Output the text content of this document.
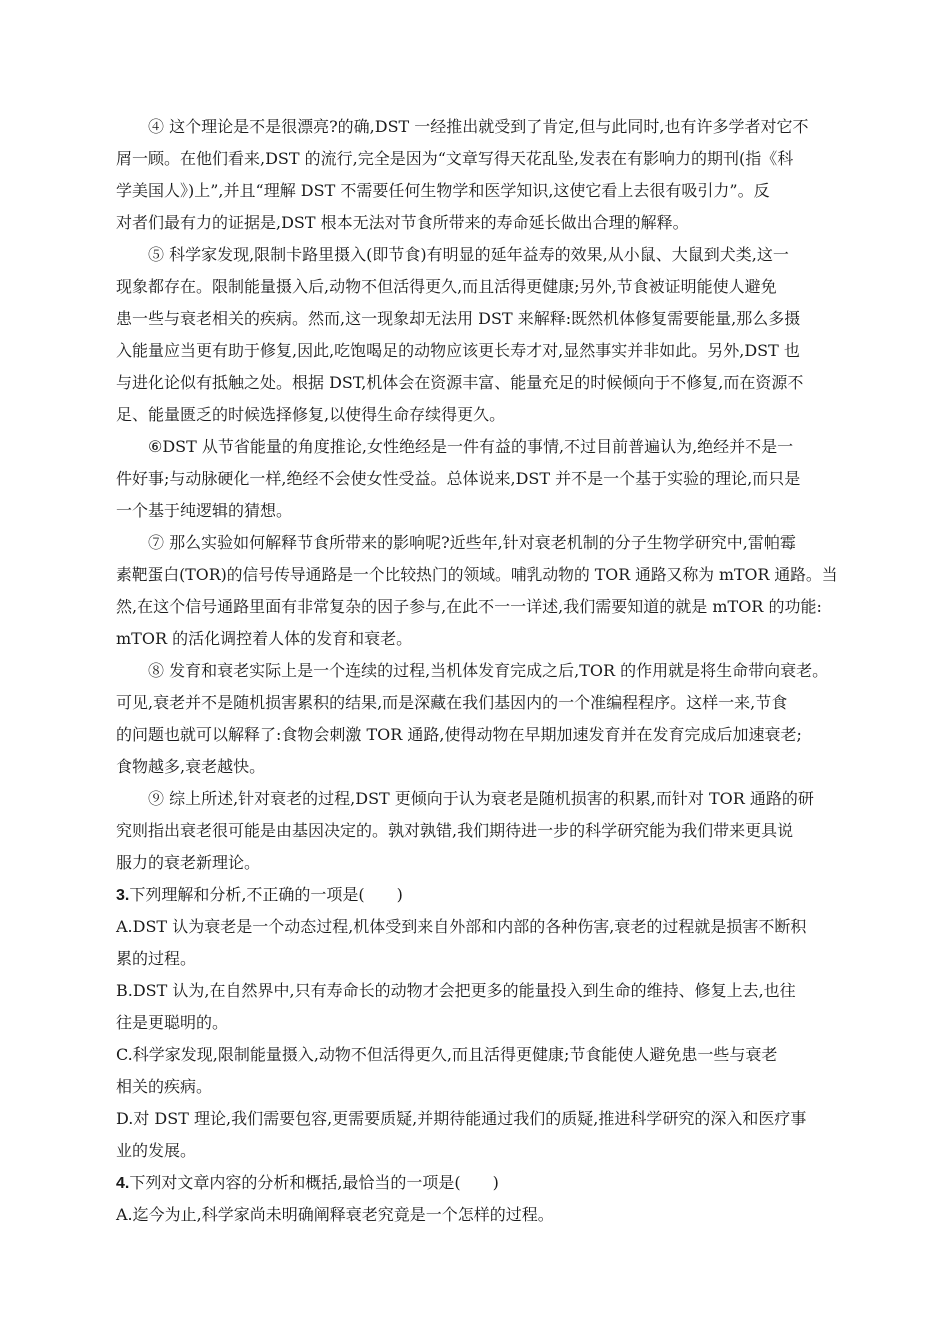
④ 这个理论是不是很漂亮?的确,DST 一经推出就受到了肯定,但与此同时,也有许多学者对它不
屑一顾。在他们看来,DST 的流行,完全是因为“文章写得天花乱坠,发表在有影响力的期刊(指《科
学美国人》)上”,并且“理解 DST 不需要任何生物学和医学知识,这使它看上去很有吸引力”。反
对者们最有力的证据是,DST 根本无法对节食所带来的寿命延长做出合理的解释。
⑤ 科学家发现,限制卡路里摄入(即节食)有明显的延年益寿的效果,从小鼠、大鼠到犬类,这一
现象都存在。限制能量摄入后,动物不但活得更久,而且活得更健康;另外,节食被证明能使人避免
患一些与衰老相关的疾病。然而,这一现象却无法用 DST 来解释:既然机体修复需要能量,那么多摄
入能量应当更有助于修复,因此,吃饱喝足的动物应该更长寿才对,显然事实并非如此。另外,DST 也
与进化论似有抵触之处。根据 DST,机体会在资源丰富、能量充足的时候倾向于不修复,而在资源不
足、能量匮乏的时候选择修复,以使得生命存续得更久。
⑥DST 从节省能量的角度推论,女性绝经是一件有益的事情,不过目前普遍认为,绝经并不是一
件好事;与动脉硬化一样,绝经不会使女性受益。总体说来,DST 并不是一个基于实验的理论,而只是
一个基于纯逻辑的猜想。
⑦ 那么实验如何解释节食所带来的影响呢?近些年,针对衰老机制的分子生物学研究中,雷帕霉
素靶蛋白(TOR)的信号传导通路是一个比较热门的领域。哺乳动物的 TOR 通路又称为 mTOR 通路。当
然,在这个信号通路里面有非常复杂的因子参与,在此不一一详述,我们需要知道的就是 mTOR 的功能:
mTOR 的活化调控着人体的发育和衰老。
⑧ 发育和衰老实际上是一个连续的过程,当机体发育完成之后,TOR 的作用就是将生命带向衰老。
可见,衰老并不是随机损害累积的结果,而是深藏在我们基因内的一个准编程程序。这样一来,节食
的问题也就可以解释了:食物会刺激 TOR 通路,使得动物在早期加速发育并在发育完成后加速衰老;
食物越多,衰老越快。
⑨ 综上所述,针对衰老的过程,DST 更倾向于认为衰老是随机损害的积累,而针对 TOR 通路的研
究则指出衰老很可能是由基因决定的。孰对孰错,我们期待进一步的科学研究能为我们带来更具说
服力的衰老新理论。
3.下列理解和分析,不正确的一项是(　　)
A.DST 认为衰老是一个动态过程,机体受到来自外部和内部的各种伤害,衰老的过程就是损害不断积
累的过程。
B.DST 认为,在自然界中,只有寿命长的动物才会把更多的能量投入到生命的维持、修复上去,也往
往是更聪明的。
C.科学家发现,限制能量摄入,动物不但活得更久,而且活得更健康;节食能使人避免患一些与衰老
相关的疾病。
D.对 DST 理论,我们需要包容,更需要质疑,并期待能通过我们的质疑,推进科学研究的深入和医疗事
业的发展。
4.下列对文章内容的分析和概括,最恰当的一项是(　　)
A.迄今为止,科学家尚未明确阐释衰老究竟是一个怎样的过程。
